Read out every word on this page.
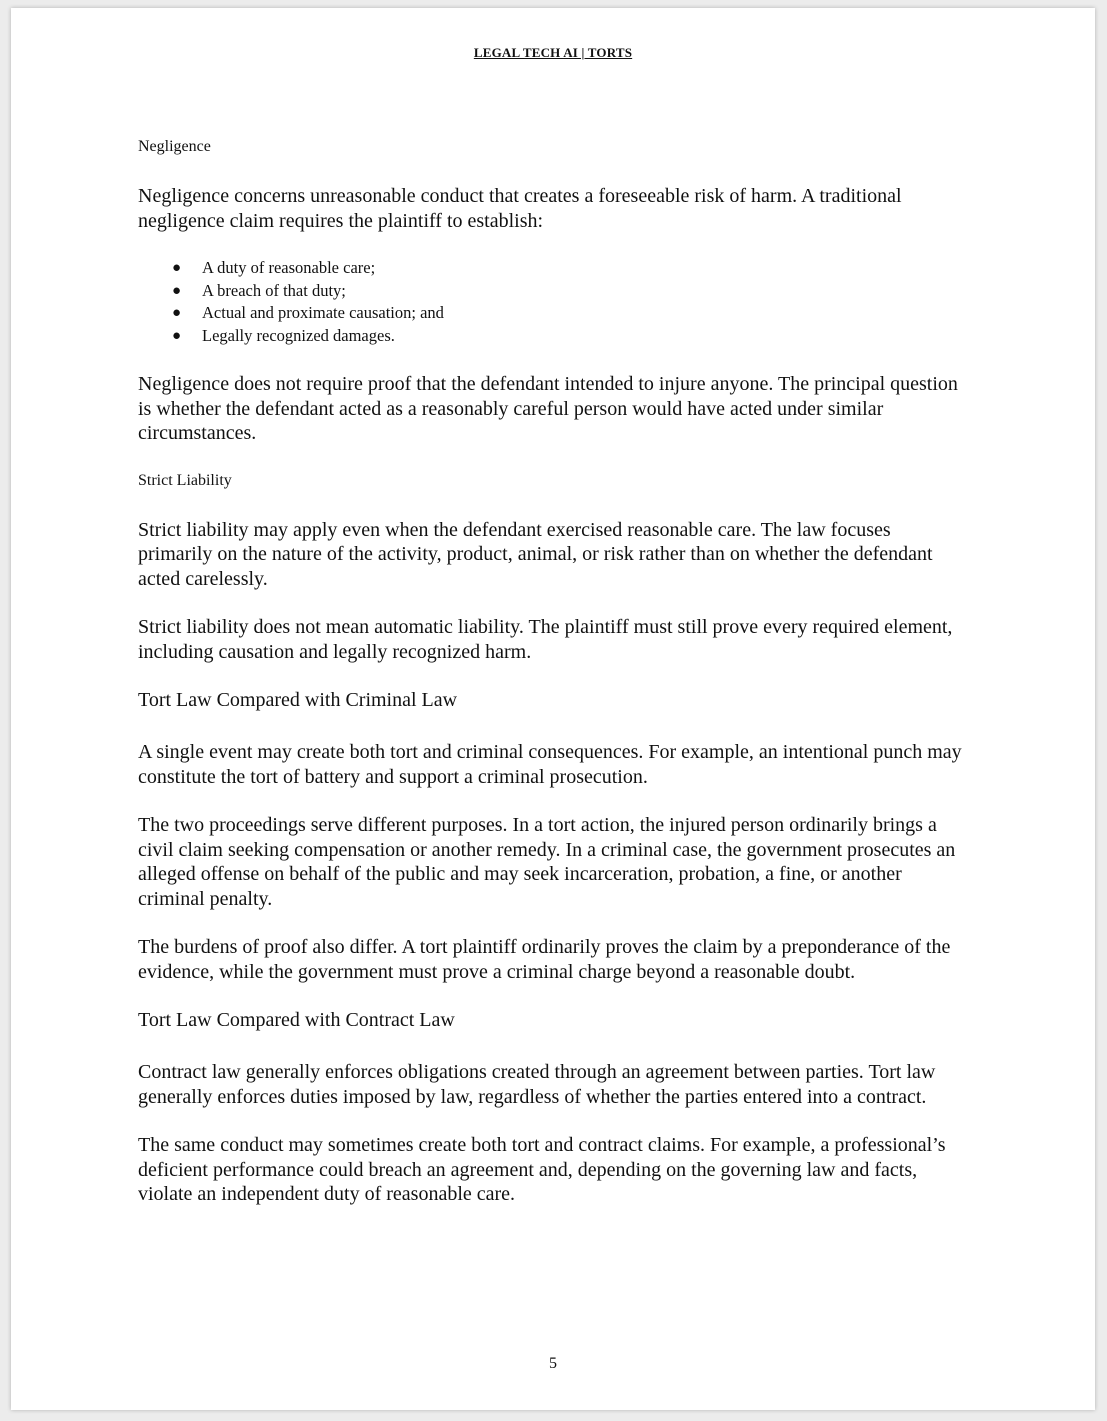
LEGAL TECH AI | TORTS
Negligence

Negligence concerns unreasonable conduct that creates a foreseeable risk of harm. A traditional negligence claim requires the plaintiff to establish:

● A duty of reasonable care;
● A breach of that duty;
● Actual and proximate causation; and
● Legally recognized damages.

Negligence does not require proof that the defendant intended to injure anyone. The principal question is whether the defendant acted as a reasonably careful person would have acted under similar circumstances.

Strict Liability

Strict liability may apply even when the defendant exercised reasonable care. The law focuses primarily on the nature of the activity, product, animal, or risk rather than on whether the defendant acted carelessly.

Strict liability does not mean automatic liability. The plaintiff must still prove every required element, including causation and legally recognized harm.

Tort Law Compared with Criminal Law

A single event may create both tort and criminal consequences. For example, an intentional punch may constitute the tort of battery and support a criminal prosecution.

The two proceedings serve different purposes. In a tort action, the injured person ordinarily brings a civil claim seeking compensation or another remedy. In a criminal case, the government prosecutes an alleged offense on behalf of the public and may seek incarceration, probation, a fine, or another criminal penalty.

The burdens of proof also differ. A tort plaintiff ordinarily proves the claim by a preponderance of the evidence, while the government must prove a criminal charge beyond a reasonable doubt.

Tort Law Compared with Contract Law

Contract law generally enforces obligations created through an agreement between parties. Tort law generally enforces duties imposed by law, regardless of whether the parties entered into a contract.

The same conduct may sometimes create both tort and contract claims. For example, a professional’s deficient performance could breach an agreement and, depending on the governing law and facts, violate an independent duty of reasonable care.

5
